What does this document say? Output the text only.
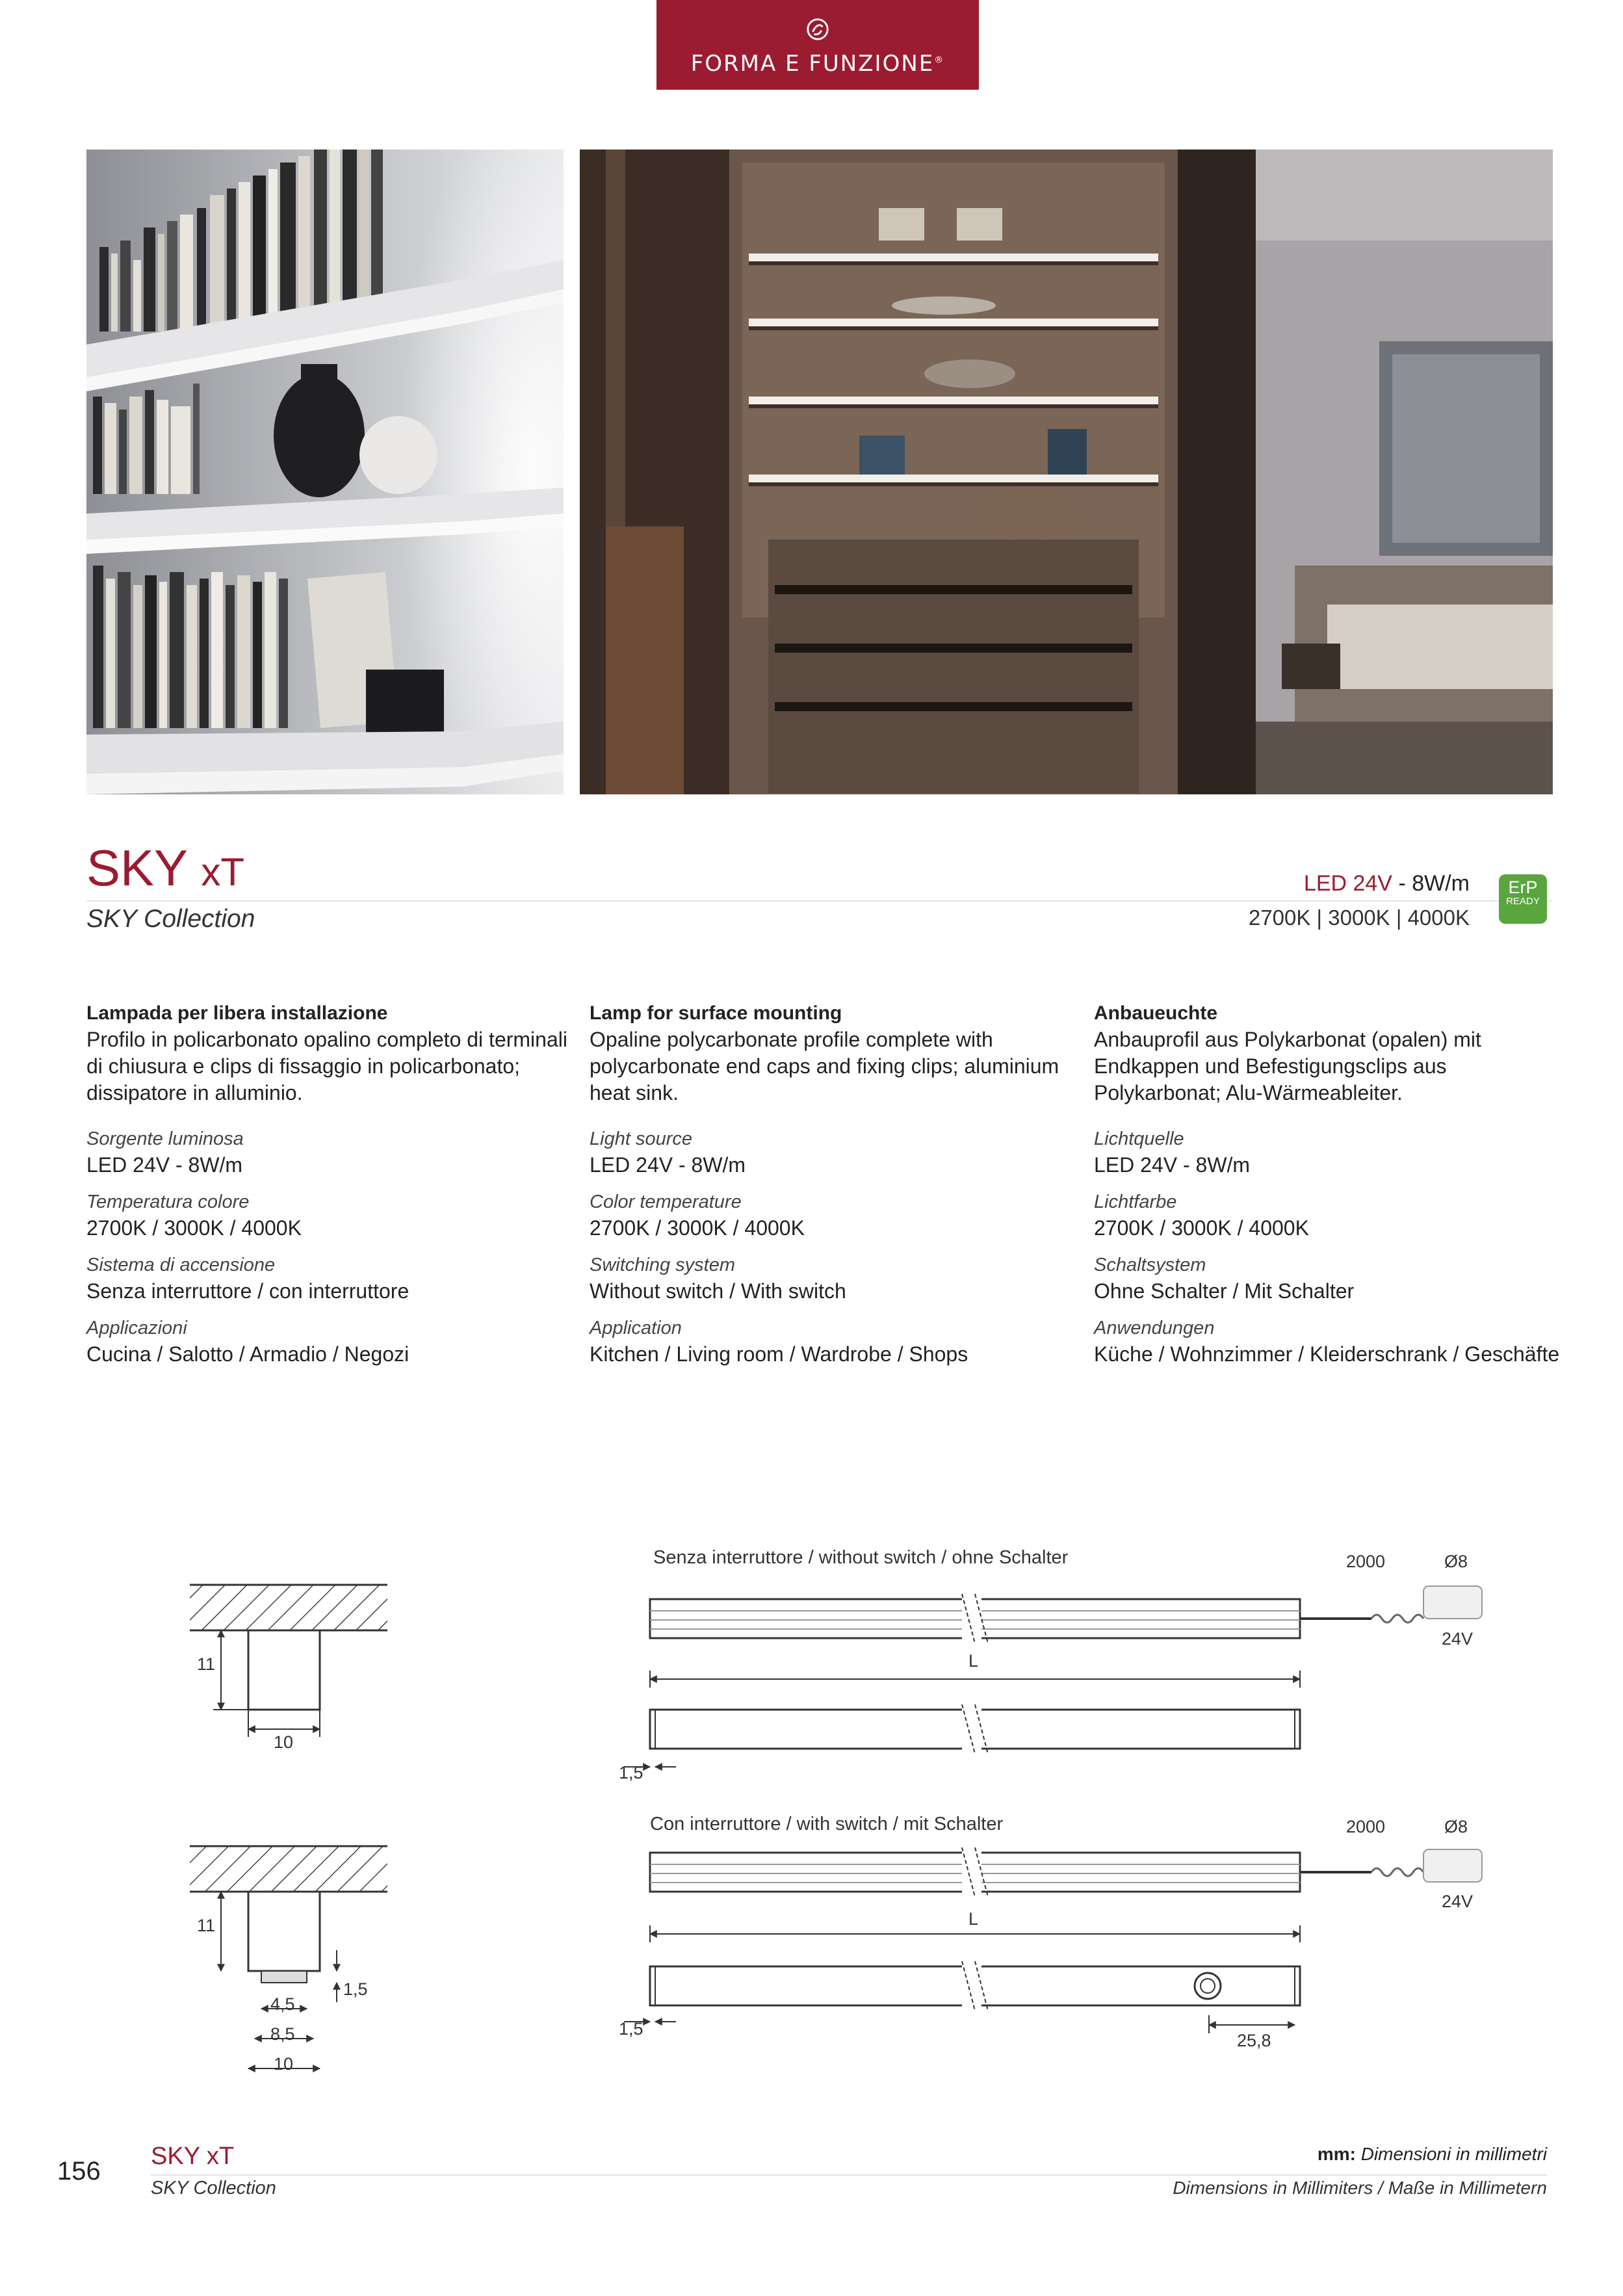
FORMA E FUNZIONE®
SKY xT
SKY Collection
LED 24V - 8W/m
2700K | 3000K | 4000K
ErP
READY
Lampada per libera installazione
Profilo in policarbonato opalino completo di terminali di chiusura e clips di fissaggio in policarbonato; dissipatore in alluminio.
Sorgente luminosa
LED 24V - 8W/m
Temperatura colore
2700K / 3000K / 4000K
Sistema di accensione
Senza interruttore / con interruttore
Applicazioni
Cucina / Salotto / Armadio / Negozi
Lamp for surface mounting
Opaline polycarbonate profile complete with polycarbonate end caps and fixing clips; aluminium heat sink.
Light source
LED 24V - 8W/m
Color temperature
2700K / 3000K / 4000K
Switching system
Without switch / With switch
Application
Kitchen / Living room / Wardrobe / Shops
Anbaueuchte
Anbauprofil aus Polykarbonat (opalen) mit Endkappen und Befestigungsclips aus Polykarbonat; Alu-Wärmeableiter.
Lichtquelle
LED 24V - 8W/m
Lichtfarbe
2700K / 3000K / 4000K
Schaltsystem
Ohne Schalter / Mit Schalter
Anwendungen
Küche / Wohnzimmer / Kleiderschrank / Geschäfte
Senza interruttore / without switch / ohne Schalter	2000	Ø8
24V
L
1,5
11
10
Con interruttore / with switch / mit Schalter	2000	Ø8
24V
L
1,5
25,8
11
1,5
4,5
8,5
10
156
SKY xT
SKY Collection
mm: Dimensioni in millimetri
Dimensions in Millimiters / Maße in Millimetern
